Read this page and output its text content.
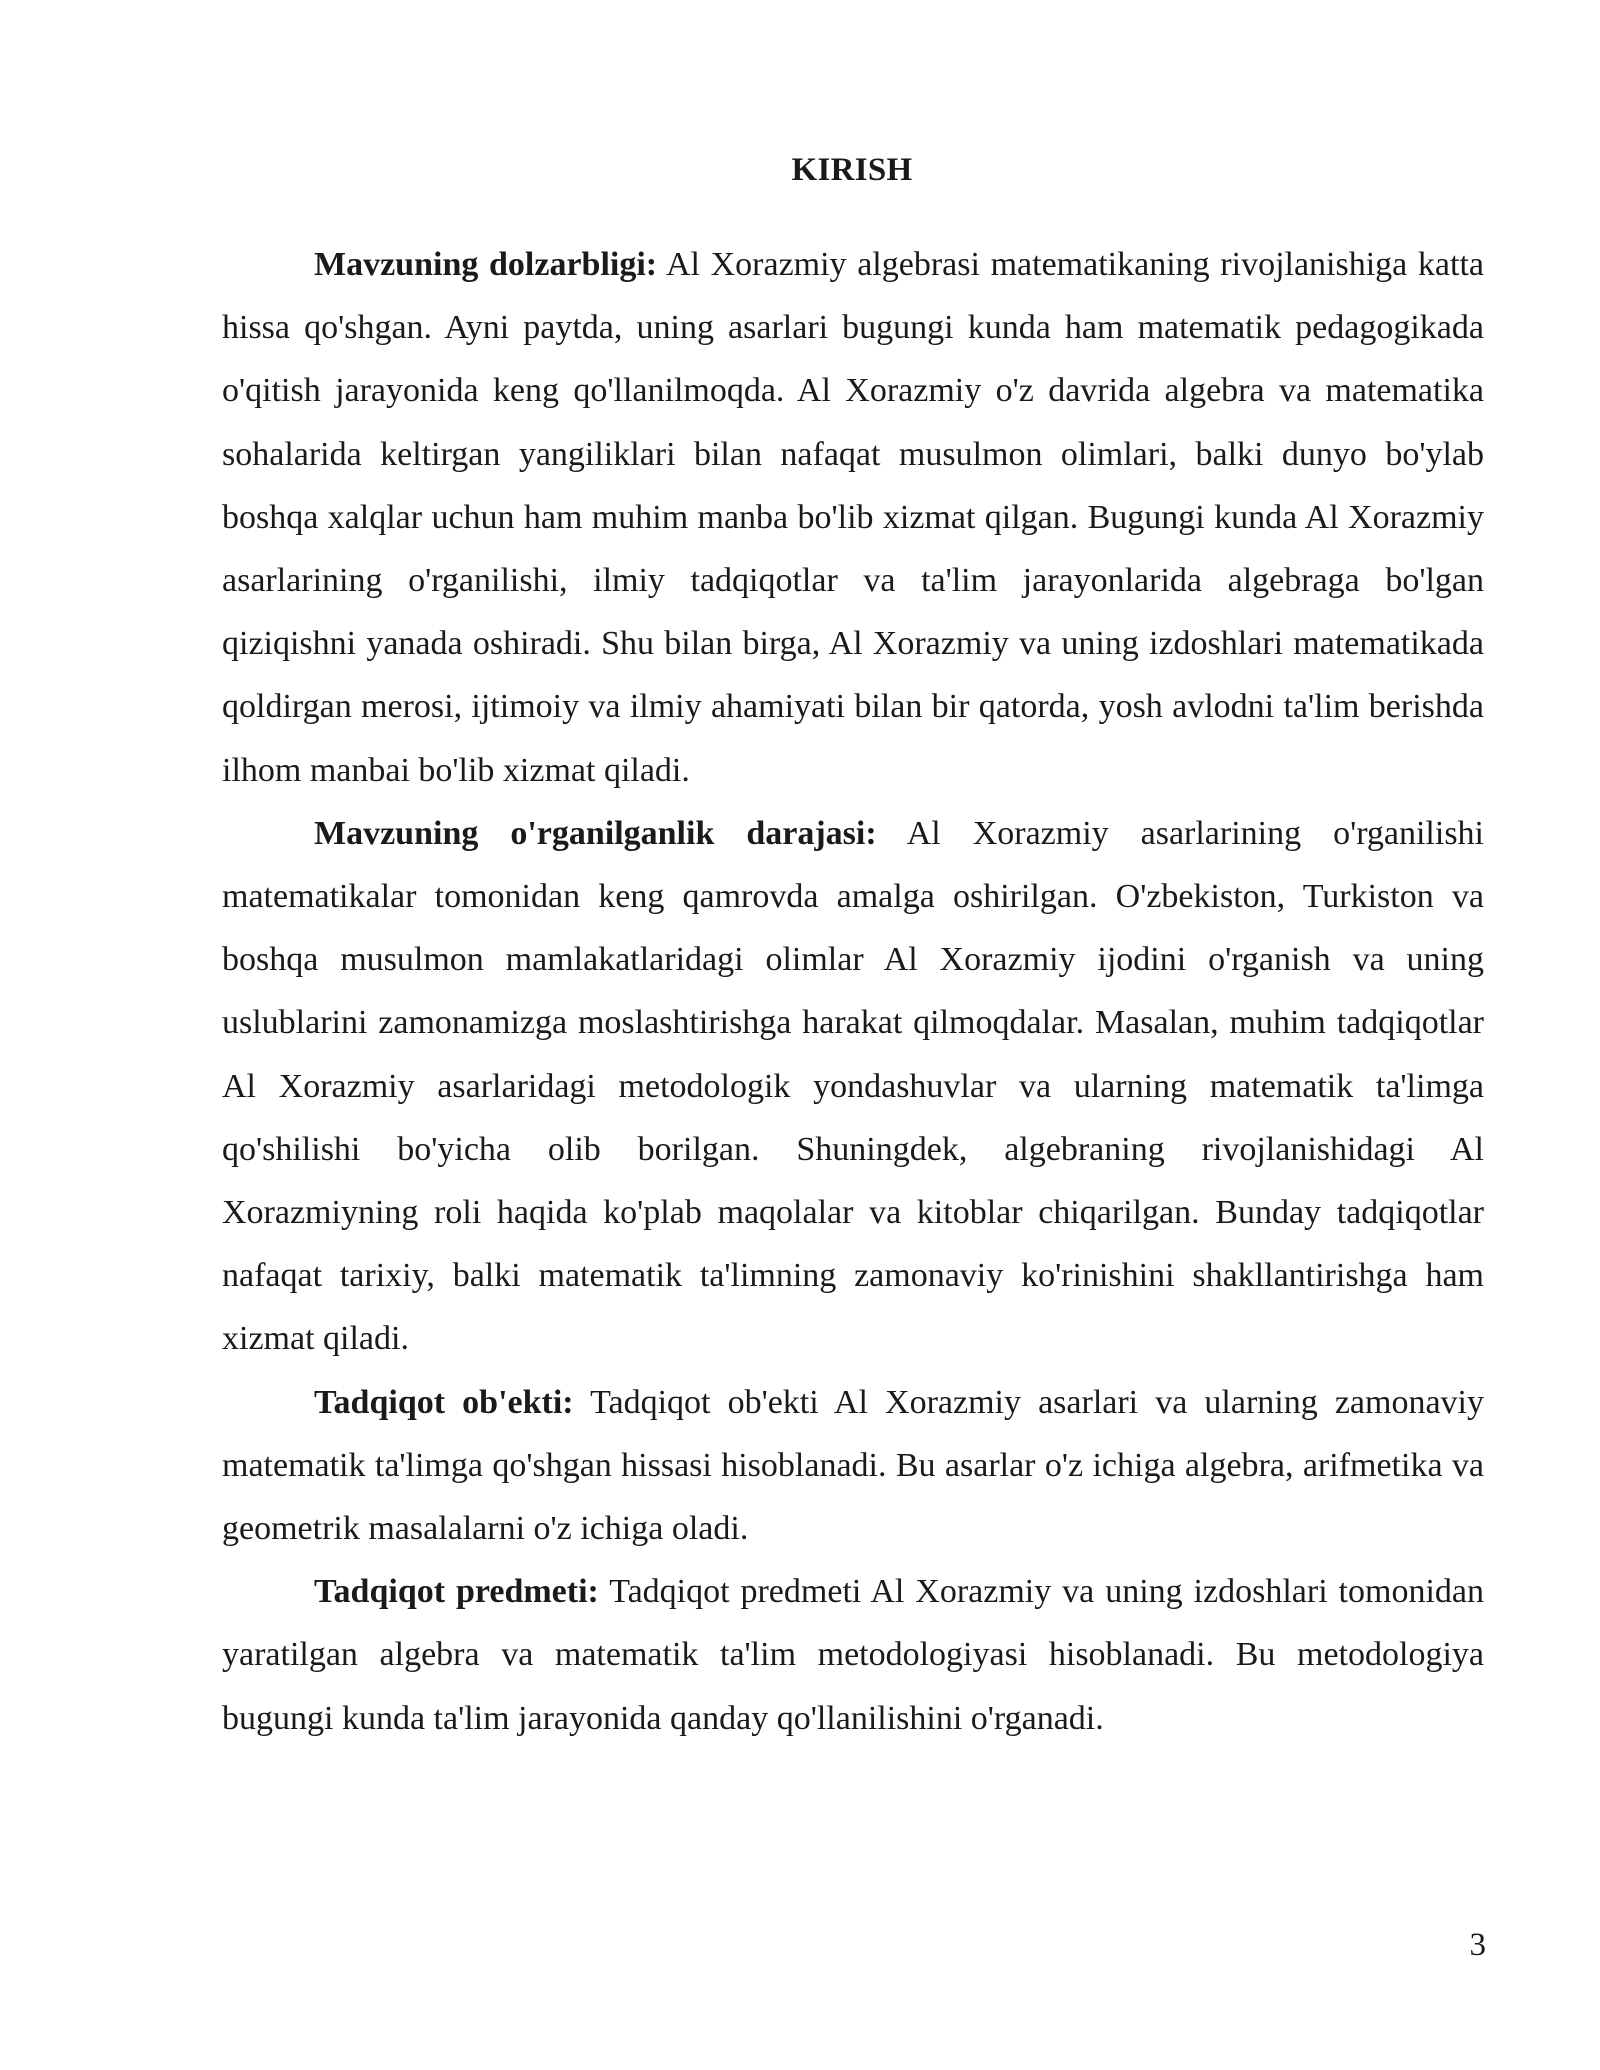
KIRISH

Mavzuning dolzarbligi: Al Xorazmiy algebrasi matematikaning rivojlanishiga katta hissa qo'shgan. Ayni paytda, uning asarlari bugungi kunda ham matematik pedagogikada o'qitish jarayonida keng qo'llanilmoqda. Al Xorazmiy o'z davrida algebra va matematika sohalarida keltirgan yangiliklari bilan nafaqat musulmon olimlari, balki dunyo bo'ylab boshqa xalqlar uchun ham muhim manba bo'lib xizmat qilgan. Bugungi kunda Al Xorazmiy asarlarining o'rganilishi, ilmiy tadqiqotlar va ta'lim jarayonlarida algebraga bo'lgan qiziqishni yanada oshiradi. Shu bilan birga, Al Xorazmiy va uning izdoshlari matematikada qoldirgan merosi, ijtimoiy va ilmiy ahamiyati bilan bir qatorda, yosh avlodni ta'lim berishda ilhom manbai bo'lib xizmat qiladi.

Mavzuning o'rganilganlik darajasi: Al Xorazmiy asarlarining o'rganilishi matematikalar tomonidan keng qamrovda amalga oshirilgan. O'zbekiston, Turkiston va boshqa musulmon mamlakatlaridagi olimlar Al Xorazmiy ijodini o'rganish va uning uslublarini zamonamizga moslashtirishga harakat qilmoqdalar. Masalan, muhim tadqiqotlar Al Xorazmiy asarlaridagi metodologik yondashuvlar va ularning matematik ta'limga qo'shilishi bo'yicha olib borilgan. Shuningdek, algebraning rivojlanishidagi Al Xorazmiyning roli haqida ko'plab maqolalar va kitoblar chiqarilgan. Bunday tadqiqotlar nafaqat tarixiy, balki matematik ta'limning zamonaviy ko'rinishini shakllantirishga ham xizmat qiladi.

Tadqiqot ob'ekti: Tadqiqot ob'ekti Al Xorazmiy asarlari va ularning zamonaviy matematik ta'limga qo'shgan hissasi hisoblanadi. Bu asarlar o'z ichiga algebra, arifmetika va geometrik masalalarni o'z ichiga oladi.

Tadqiqot predmeti: Tadqiqot predmeti Al Xorazmiy va uning izdoshlari tomonidan yaratilgan algebra va matematik ta'lim metodologiyasi hisoblanadi. Bu metodologiya bugungi kunda ta'lim jarayonida qanday qo'llanilishini o'rganadi.

3
